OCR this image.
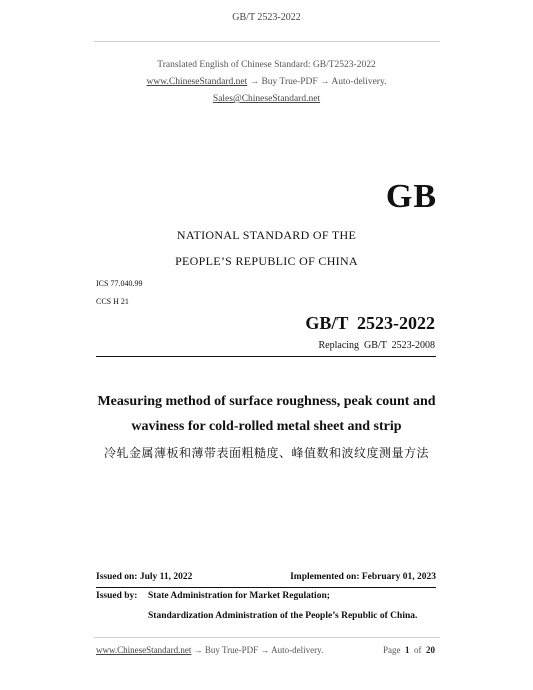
GB/T 2523-2022
Translated English of Chinese Standard: GB/T2523-2022
www.ChineseStandard.net → Buy True-PDF → Auto-delivery.
Sales@ChineseStandard.net
GB
NATIONAL STANDARD OF THE
PEOPLE’S REPUBLIC OF CHINA
ICS 77.040.99
CCS H 21
GB/T  2523-2022
Replacing  GB/T  2523-2008
Measuring method of surface roughness, peak count and
waviness for cold-rolled metal sheet and strip
冷轧金属薄板和薄带表面粗糙度、峰值数和波纹度测量方法
Issued on: July 11, 2022	Implemented on: February 01, 2023
Issued by: State Administration for Market Regulation;
Standardization Administration of the People’s Republic of China.
www.ChineseStandard.net → Buy True-PDF → Auto-delivery.	Page 1 of 20
